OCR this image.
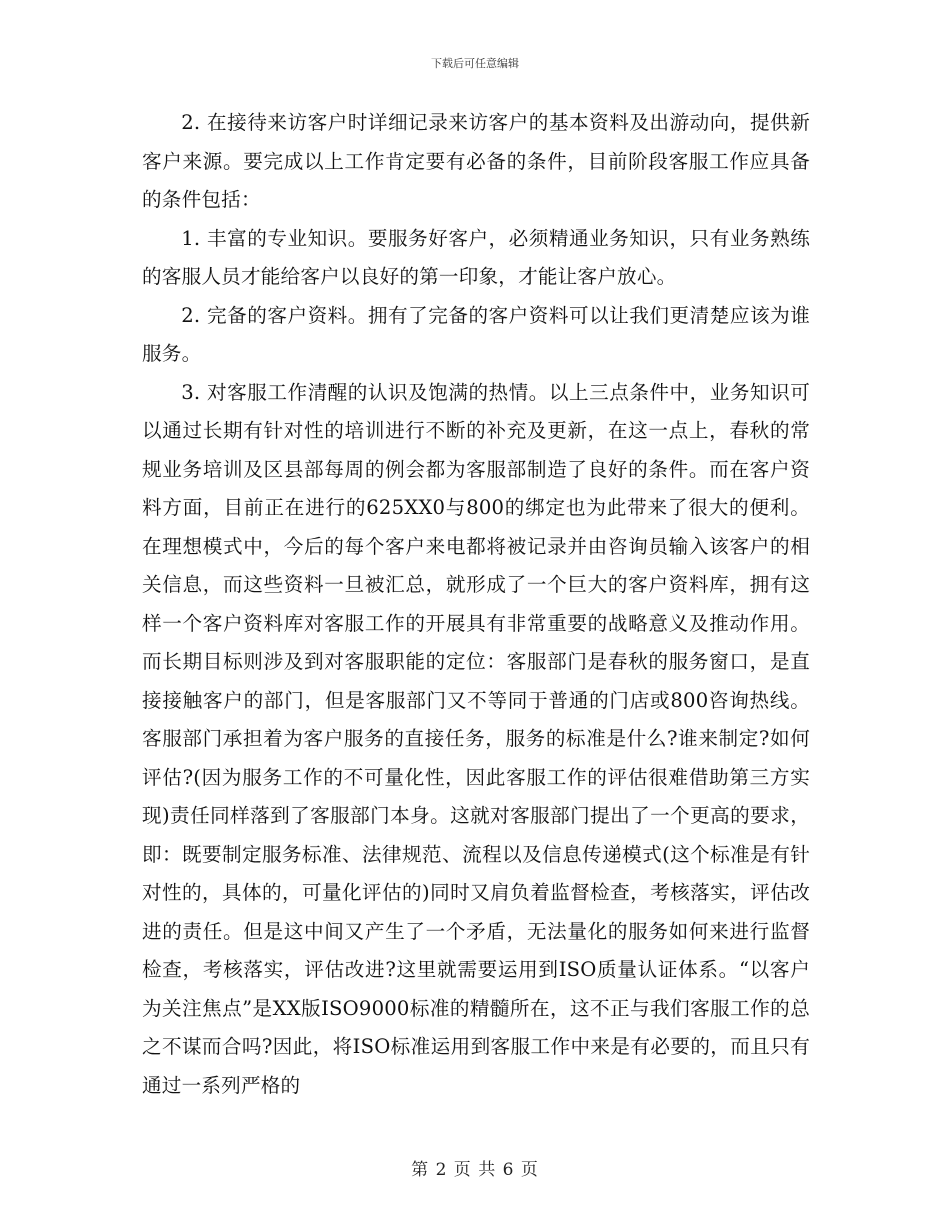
下载后可任意编辑

2. 在接待来访客户时详细记录来访客户的基本资料及出游动向，提供新客户来源。要完成以上工作肯定要有必备的条件，目前阶段客服工作应具备的条件包括：

1. 丰富的专业知识。要服务好客户，必须精通业务知识，只有业务熟练的客服人员才能给客户以良好的第一印象，才能让客户放心。

2. 完备的客户资料。拥有了完备的客户资料可以让我们更清楚应该为谁服务。

3. 对客服工作清醒的认识及饱满的热情。以上三点条件中，业务知识可以通过长期有针对性的培训进行不断的补充及更新，在这一点上，春秋的常规业务培训及区县部每周的例会都为客服部制造了良好的条件。而在客户资料方面，目前正在进行的625XX0与800的绑定也为此带来了很大的便利。在理想模式中，今后的每个客户来电都将被记录并由咨询员输入该客户的相关信息，而这些资料一旦被汇总，就形成了一个巨大的客户资料库，拥有这样一个客户资料库对客服工作的开展具有非常重要的战略意义及推动作用。而长期目标则涉及到对客服职能的定位：客服部门是春秋的服务窗口，是直接接触客户的部门，但是客服部门又不等同于普通的门店或800咨询热线。客服部门承担着为客户服务的直接任务，服务的标准是什么?谁来制定?如何评估?(因为服务工作的不可量化性，因此客服工作的评估很难借助第三方实现)责任同样落到了客服部门本身。这就对客服部门提出了一个更高的要求，即：既要制定服务标准、法律规范、流程以及信息传递模式(这个标准是有针对性的，具体的，可量化评估的)同时又肩负着监督检查，考核落实，评估改进的责任。但是这中间又产生了一个矛盾，无法量化的服务如何来进行监督检查，考核落实，评估改进?这里就需要运用到ISO质量认证体系。“以客户为关注焦点”是XX版ISO9000标准的精髓所在，这不正与我们客服工作的总之不谋而合吗?因此，将ISO标准运用到客服工作中来是有必要的，而且只有通过一系列严格的

第 2 页 共 6 页
